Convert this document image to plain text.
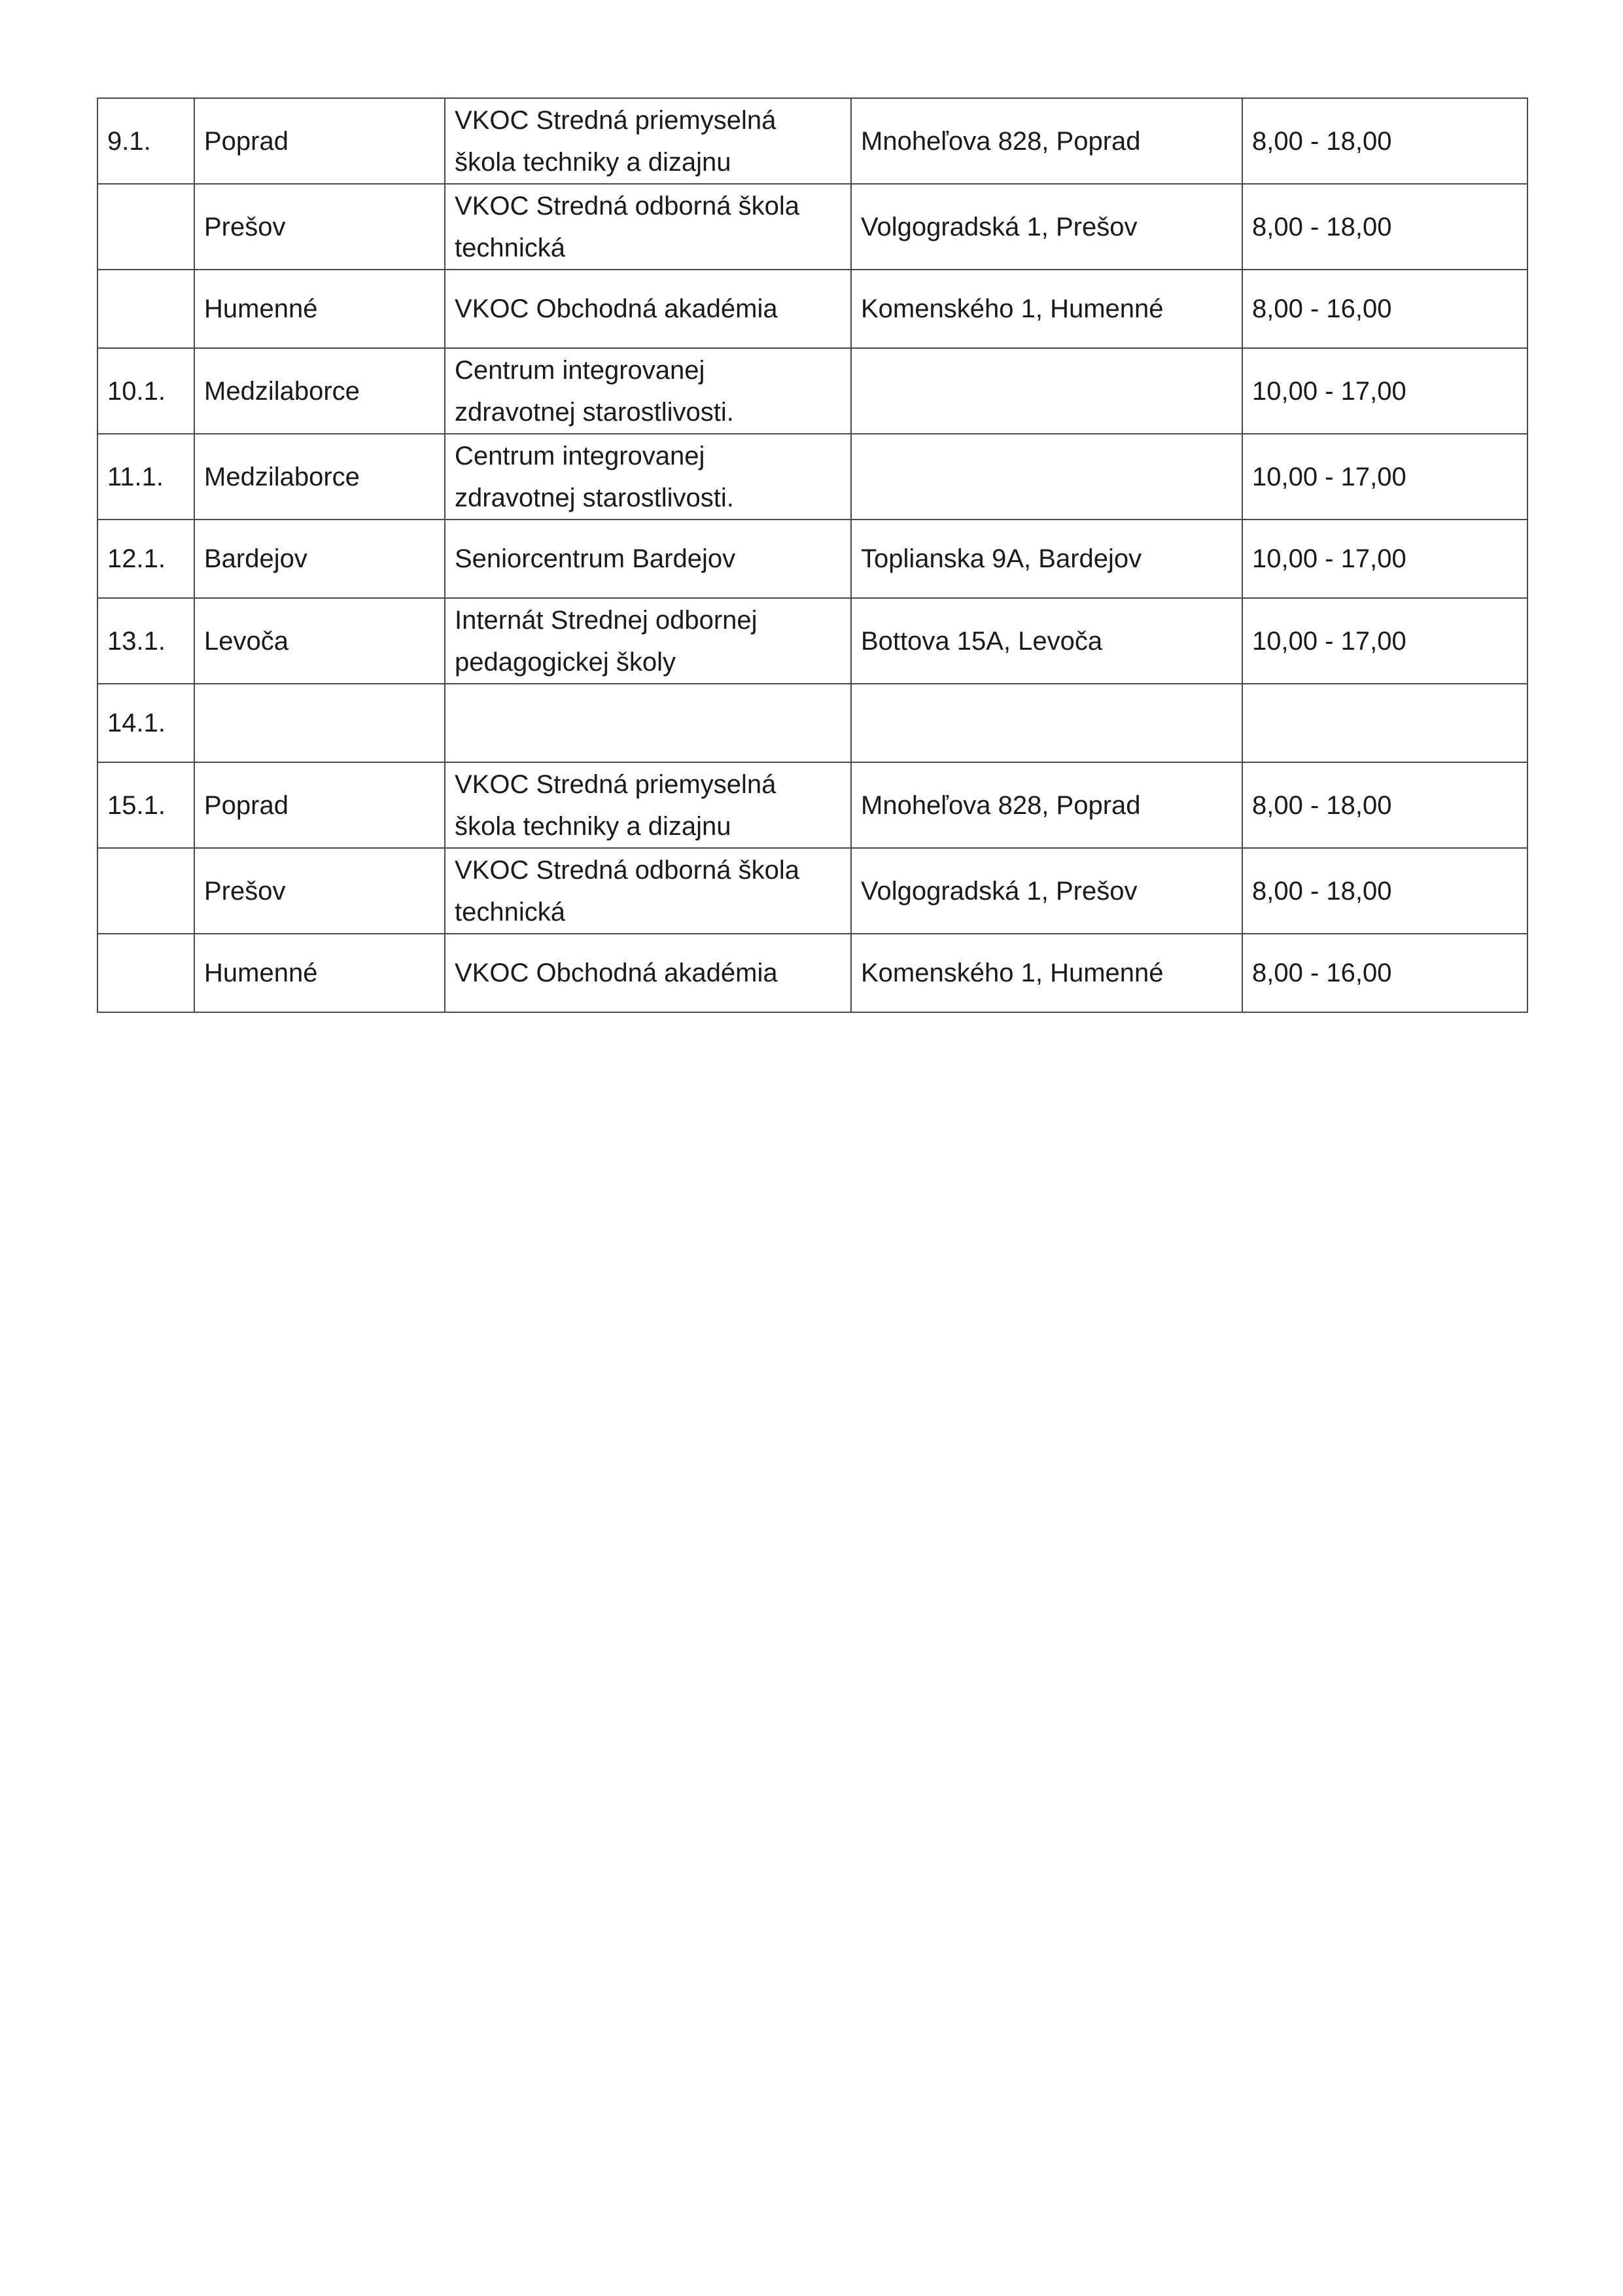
9.1.	Poprad	VKOC Stredná priemyselná
škola techniky a dizajnu	Mnoheľova 828, Poprad	8,00 - 18,00
	Prešov	VKOC Stredná odborná škola
technická	Volgogradská 1, Prešov	8,00 - 18,00
	Humenné	VKOC Obchodná akadémia	Komenského 1, Humenné	8,00 - 16,00
10.1.	Medzilaborce	Centrum integrovanej
zdravotnej starostlivosti.		10,00 - 17,00
11.1.	Medzilaborce	Centrum integrovanej
zdravotnej starostlivosti.		10,00 - 17,00
12.1.	Bardejov	Seniorcentrum Bardejov	Toplianska 9A, Bardejov	10,00 - 17,00
13.1.	Levoča	Internát Strednej odbornej
pedagogickej školy	Bottova 15A, Levoča	10,00 - 17,00
14.1.				
15.1.	Poprad	VKOC Stredná priemyselná
škola techniky a dizajnu	Mnoheľova 828, Poprad	8,00 - 18,00
	Prešov	VKOC Stredná odborná škola
technická	Volgogradská 1, Prešov	8,00 - 18,00
	Humenné	VKOC Obchodná akadémia	Komenského 1, Humenné	8,00 - 16,00
